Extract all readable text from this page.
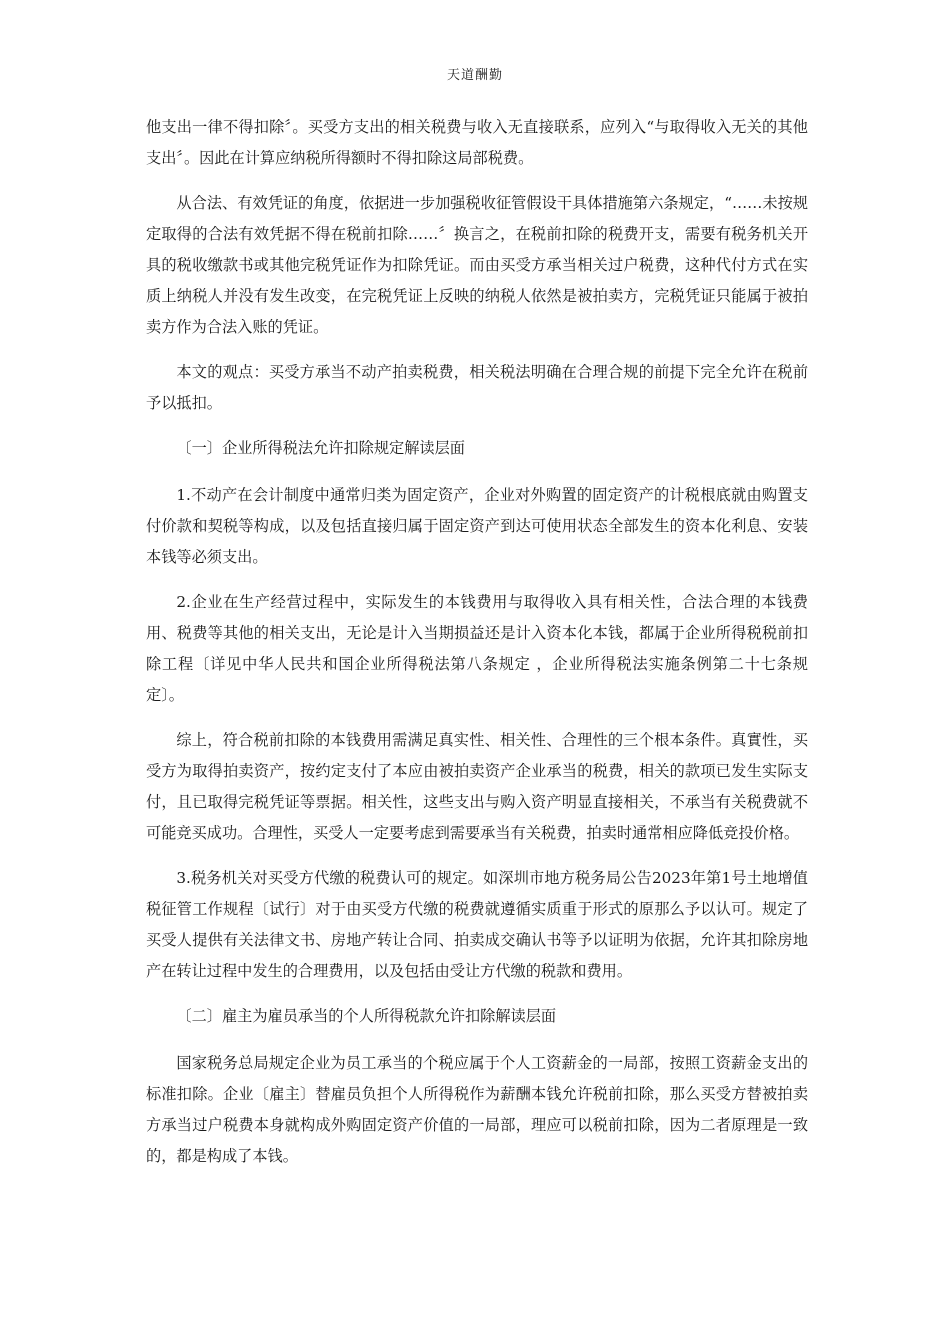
天道酬勤

他支出一律不得扣除〞。买受方支出的相关税费与收入无直接联系，应列入“与取得收入无关的其他支出〞。因此在计算应纳税所得额时不得扣除这局部税费。

从合法、有效凭证的角度，依据进一步加强税收征管假设干具体措施第六条规定，“……未按规定取得的合法有效凭据不得在税前扣除……〞换言之，在税前扣除的税费开支，需要有税务机关开具的税收缴款书或其他完税凭证作为扣除凭证。而由买受方承当相关过户税费，这种代付方式在实质上纳税人并没有发生改变，在完税凭证上反映的纳税人依然是被拍卖方，完税凭证只能属于被拍卖方作为合法入账的凭证。

本文的观点：买受方承当不动产拍卖税费，相关税法明确在合理合规的前提下完全允许在税前予以抵扣。

〔一〕企业所得税法允许扣除规定解读层面

1.不动产在会计制度中通常归类为固定资产，企业对外购置的固定资产的计税根底就由购置支付价款和契税等构成，以及包括直接归属于固定资产到达可使用状态全部发生的资本化利息、安装本钱等必须支出。

2.企业在生产经营过程中，实际发生的本钱费用与取得收入具有相关性，合法合理的本钱费用、税费等其他的相关支出，无论是计入当期损益还是计入资本化本钱，都属于企业所得税税前扣除工程〔详见中华人民共和国企业所得税法第八条规定 ，企业所得税法实施条例第二十七条规定〕。

综上，符合税前扣除的本钱费用需满足真实性、相关性、合理性的三个根本条件。真實性，买受方为取得拍卖资产，按约定支付了本应由被拍卖资产企业承当的税费，相关的款项已发生实际支付，且已取得完税凭证等票据。相关性，这些支出与购入资产明显直接相关，不承当有关税费就不可能竞买成功。合理性，买受人一定要考虑到需要承当有关税费，拍卖时通常相应降低竞投价格。

3.税务机关对买受方代缴的税费认可的规定。如深圳市地方税务局公告2023年第1号土地增值税征管工作规程〔试行〕对于由买受方代缴的税费就遵循实质重于形式的原那么予以认可。规定了买受人提供有关法律文书、房地产转让合同、拍卖成交确认书等予以证明为依据，允许其扣除房地产在转让过程中发生的合理费用，以及包括由受让方代缴的税款和费用。

〔二〕雇主为雇员承当的个人所得税款允许扣除解读层面

国家税务总局规定企业为员工承当的个税应属于个人工资薪金的一局部，按照工资薪金支出的标准扣除。企业〔雇主〕替雇员负担个人所得税作为薪酬本钱允许税前扣除，那么买受方替被拍卖方承当过户税费本身就构成外购固定资产价值的一局部，理应可以税前扣除，因为二者原理是一致的，都是构成了本钱。
